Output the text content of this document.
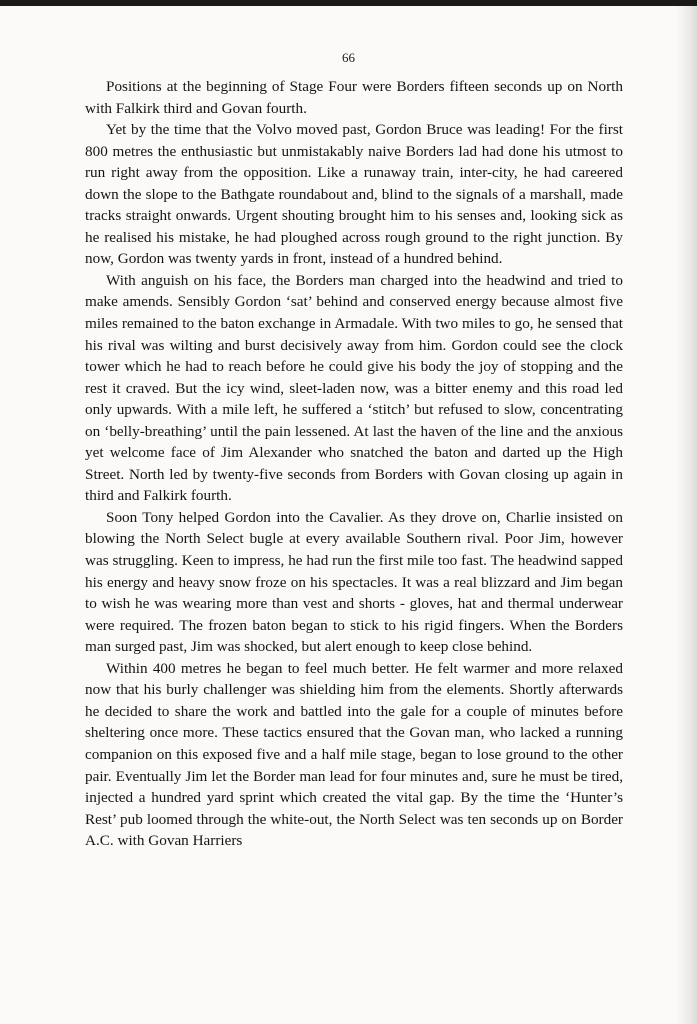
66

Positions at the beginning of Stage Four were Borders fifteen seconds up on North with Falkirk third and Govan fourth.

Yet by the time that the Volvo moved past, Gordon Bruce was leading! For the first 800 metres the enthusiastic but unmistakably naive Borders lad had done his utmost to run right away from the opposition. Like a runaway train, inter-city, he had careered down the slope to the Bathgate roundabout and, blind to the signals of a marshall, made tracks straight onwards. Urgent shouting brought him to his senses and, looking sick as he realised his mistake, he had ploughed across rough ground to the right junction. By now, Gordon was twenty yards in front, instead of a hundred behind.

With anguish on his face, the Borders man charged into the headwind and tried to make amends. Sensibly Gordon ‘sat’ behind and conserved energy because almost five miles remained to the baton exchange in Armadale. With two miles to go, he sensed that his rival was wilting and burst decisively away from him. Gordon could see the clock tower which he had to reach before he could give his body the joy of stopping and the rest it craved. But the icy wind, sleet-laden now, was a bitter enemy and this road led only upwards. With a mile left, he suffered a ‘stitch’ but refused to slow, concentrating on ‘belly-breathing’ until the pain lessened. At last the haven of the line and the anxious yet welcome face of Jim Alexander who snatched the baton and darted up the High Street. North led by twenty-five seconds from Borders with Govan closing up again in third and Falkirk fourth.

Soon Tony helped Gordon into the Cavalier. As they drove on, Charlie insisted on blowing the North Select bugle at every available Southern rival. Poor Jim, however was struggling. Keen to impress, he had run the first mile too fast. The headwind sapped his energy and heavy snow froze on his spectacles. It was a real blizzard and Jim began to wish he was wearing more than vest and shorts - gloves, hat and thermal underwear were required. The frozen baton began to stick to his rigid fingers. When the Borders man surged past, Jim was shocked, but alert enough to keep close behind.

Within 400 metres he began to feel much better. He felt warmer and more relaxed now that his burly challenger was shielding him from the elements. Shortly afterwards he decided to share the work and battled into the gale for a couple of minutes before sheltering once more. These tactics ensured that the Govan man, who lacked a running companion on this exposed five and a half mile stage, began to lose ground to the other pair. Eventually Jim let the Border man lead for four minutes and, sure he must be tired, injected a hundred yard sprint which created the vital gap. By the time the ‘Hunter’s Rest’ pub loomed through the white-out, the North Select was ten seconds up on Border A.C. with Govan Harriers
